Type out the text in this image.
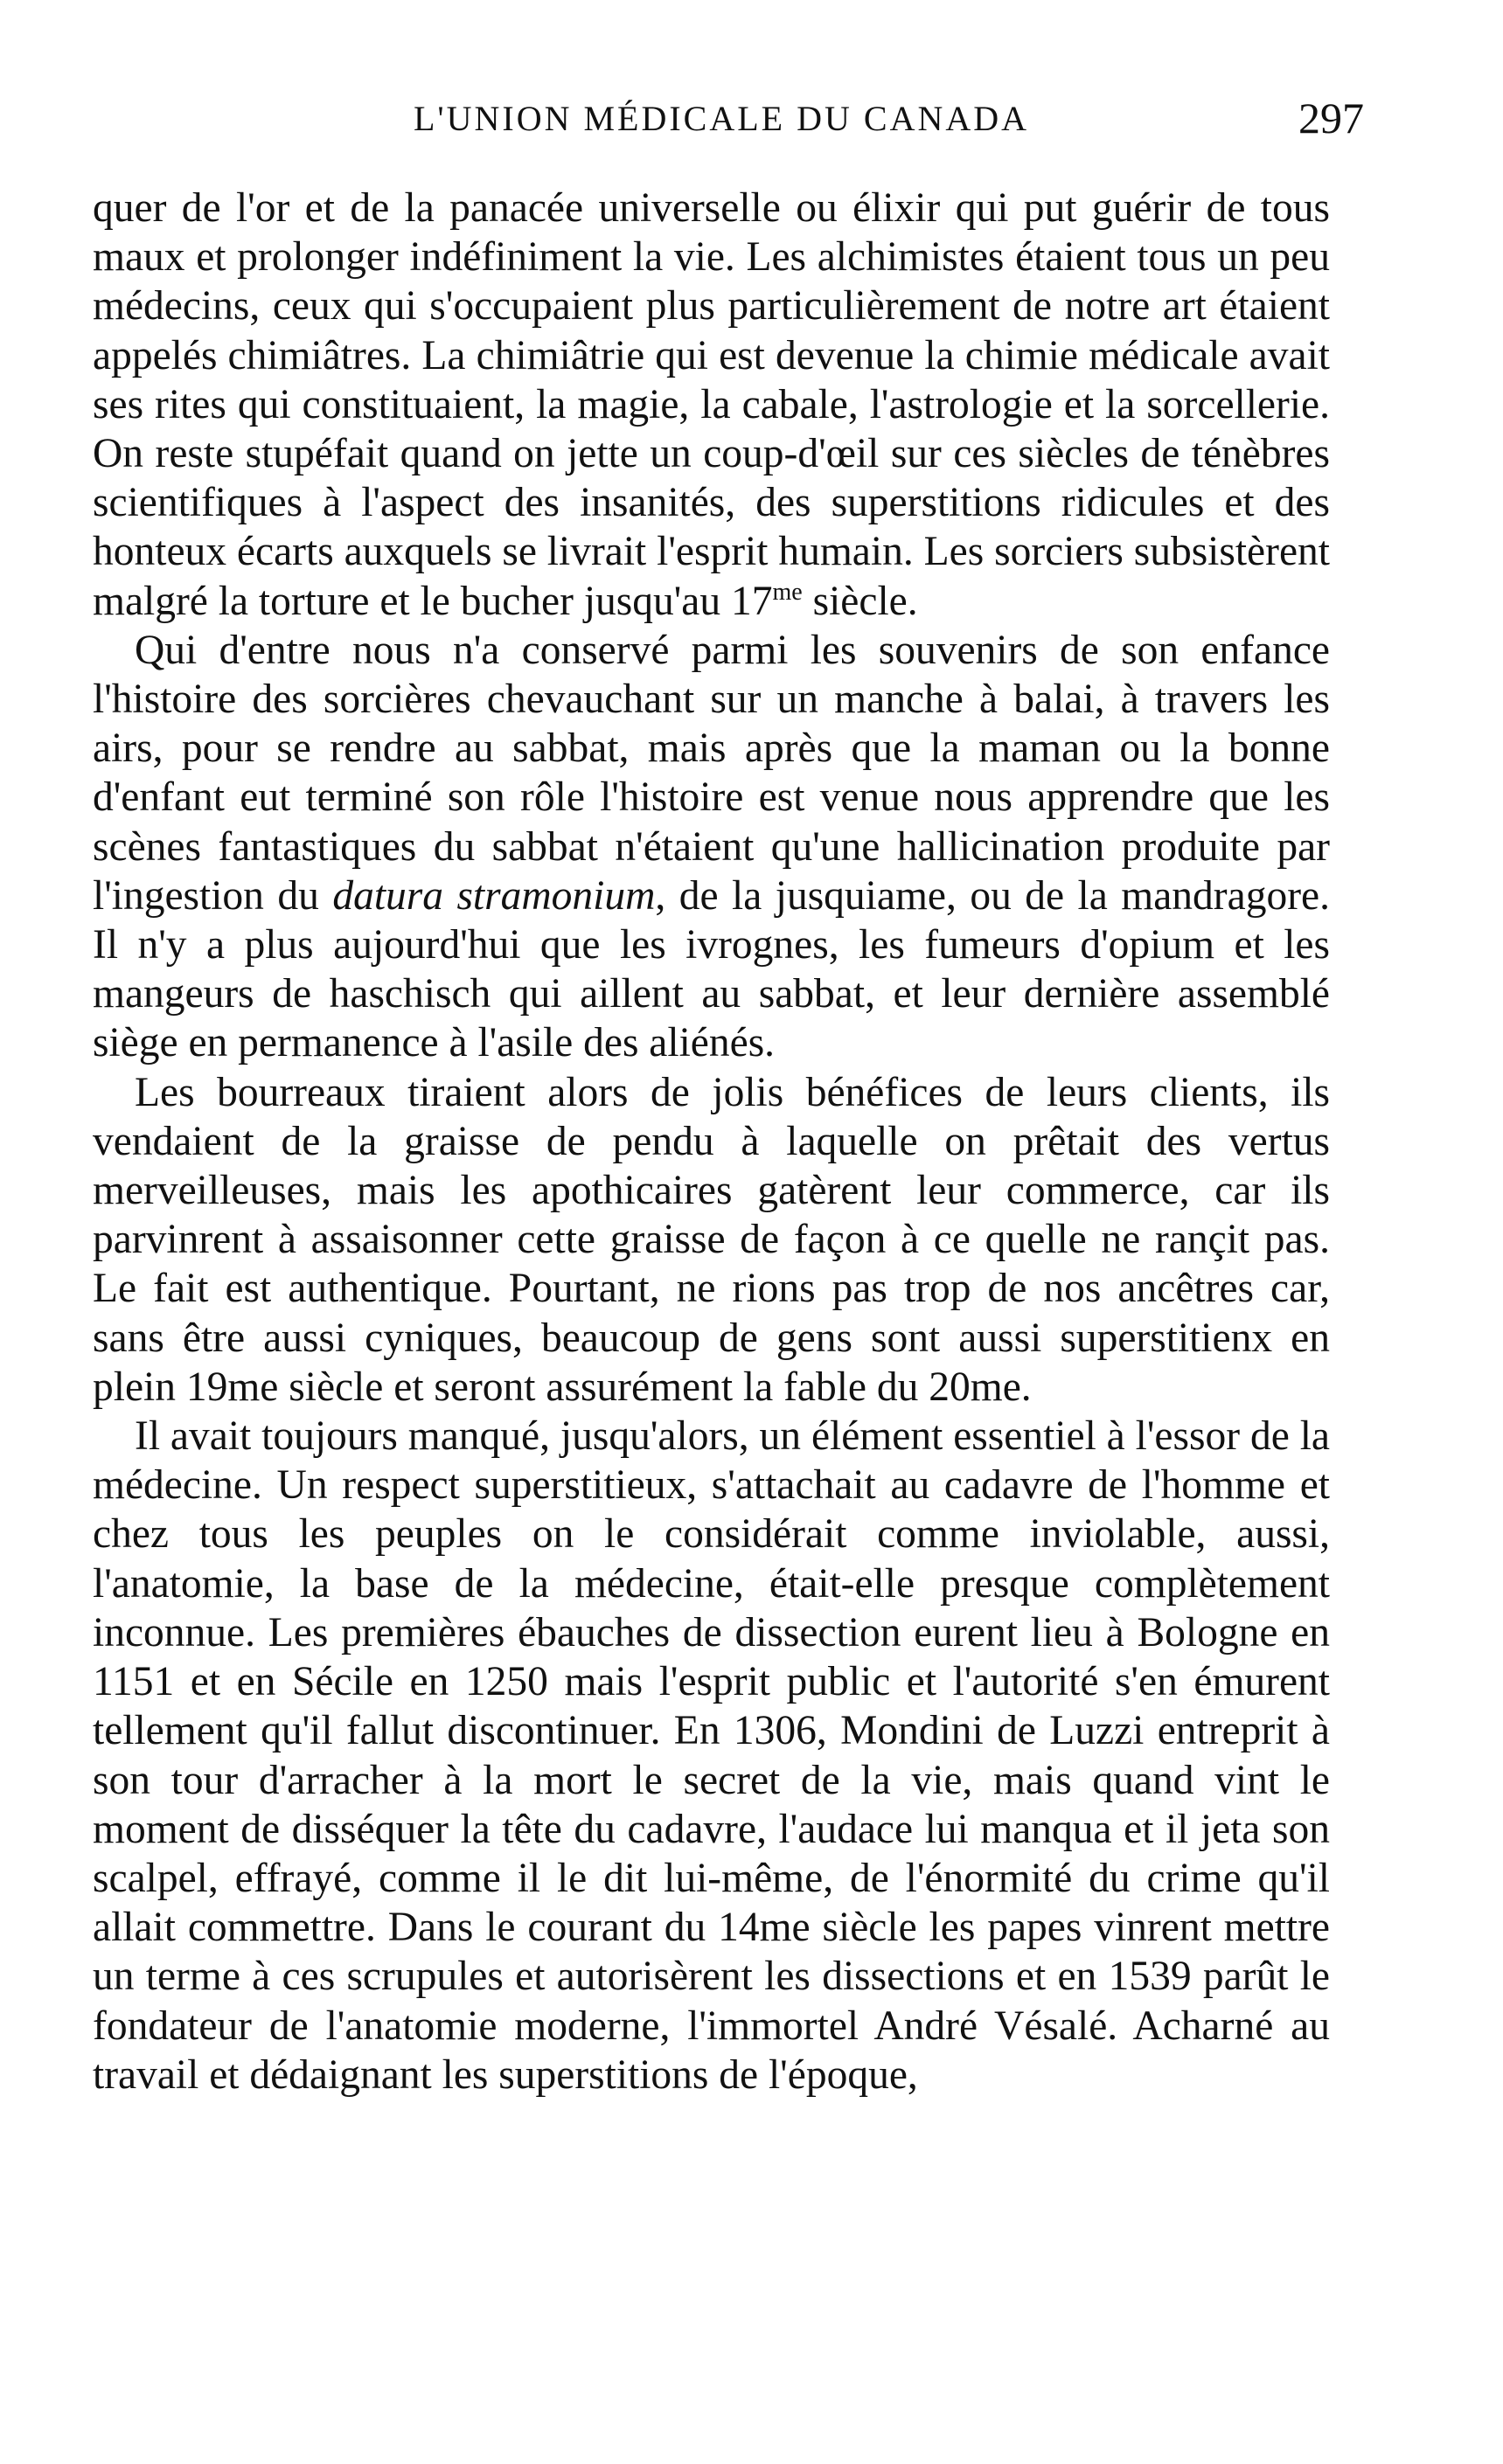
L'UNION MÉDICALE DU CANADA	297

quer de l'or et de la panacée universelle ou élixir qui put guérir de tous maux et prolonger indéfiniment la vie. Les alchimistes étaient tous un peu médecins, ceux qui s'occupaient plus particulièrement de notre art étaient appelés chimiâtres. La chimiâtrie qui est devenue la chimie médicale avait ses rites qui constituaient, la magie, la cabale, l'astrologie et la sorcellerie. On reste stupéfait quand on jette un coup-d'œil sur ces siècles de ténèbres scientifiques à l'aspect des insanités, des superstitions ridicules et des honteux écarts auxquels se livrait l'esprit humain. Les sorciers subsistèrent malgré la torture et le bucher jusqu'au $17^{me}$ siècle.

Qui d'entre nous n'a conservé parmi les souvenirs de son enfance l'histoire des sorcières chevauchant sur un manche à balai, à travers les airs, pour se rendre au sabbat, mais après que la maman ou la bonne d'enfant eut terminé son rôle l'histoire est venue nous apprendre que les scènes fantastiques du sabbat n'étaient qu'une hallicination produite par l'ingestion du datura stramonium, de la jusquiame, ou de la mandragore. Il n'y a plus aujourd'hui que les ivrognes, les fumeurs d'opium et les mangeurs de haschisch qui aillent au sabbat, et leur dernière assemblé siège en permanence à l'asile des aliénés.

Les bourreaux tiraient alors de jolis bénéfices de leurs clients, ils vendaient de la graisse de pendu à laquelle on prêtait des vertus merveilleuses, mais les apothicaires gatèrent leur commerce, car ils parvinrent à assaisonner cette graisse de façon à ce quelle ne rançit pas. Le fait est authentique. Pourtant, ne rions pas trop de nos ancêtres car, sans être aussi cyniques, beaucoup de gens sont aussi superstitienx en plein 19me siècle et seront assurément la fable du 20me.

Il avait toujours manqué, jusqu'alors, un élément essentiel à l'essor de la médecine. Un respect superstitieux, s'attachait au cadavre de l'homme et chez tous les peuples on le considérait comme inviolable, aussi, l'anatomie, la base de la médecine, était-elle presque complètement inconnue. Les premières ébauches de dissection eurent lieu à Bologne en 1151 et en Sécile en 1250 mais l'esprit public et l'autorité s'en émurent tellement qu'il fallut discontinuer. En 1306, Mondini de Luzzi entreprit à son tour d'arracher à la mort le secret de la vie, mais quand vint le moment de disséquer la tête du cadavre, l'audace lui manqua et il jeta son scalpel, effrayé, comme il le dit lui-même, de l'énormité du crime qu'il allait commettre. Dans le courant du 14me siècle les papes vinrent mettre un terme à ces scrupules et autorisèrent les dissections et en 1539 parût le fondateur de l'anatomie moderne, l'immortel André Vésalé. Acharné au travail et dédaignant les superstitions de l'époque,
